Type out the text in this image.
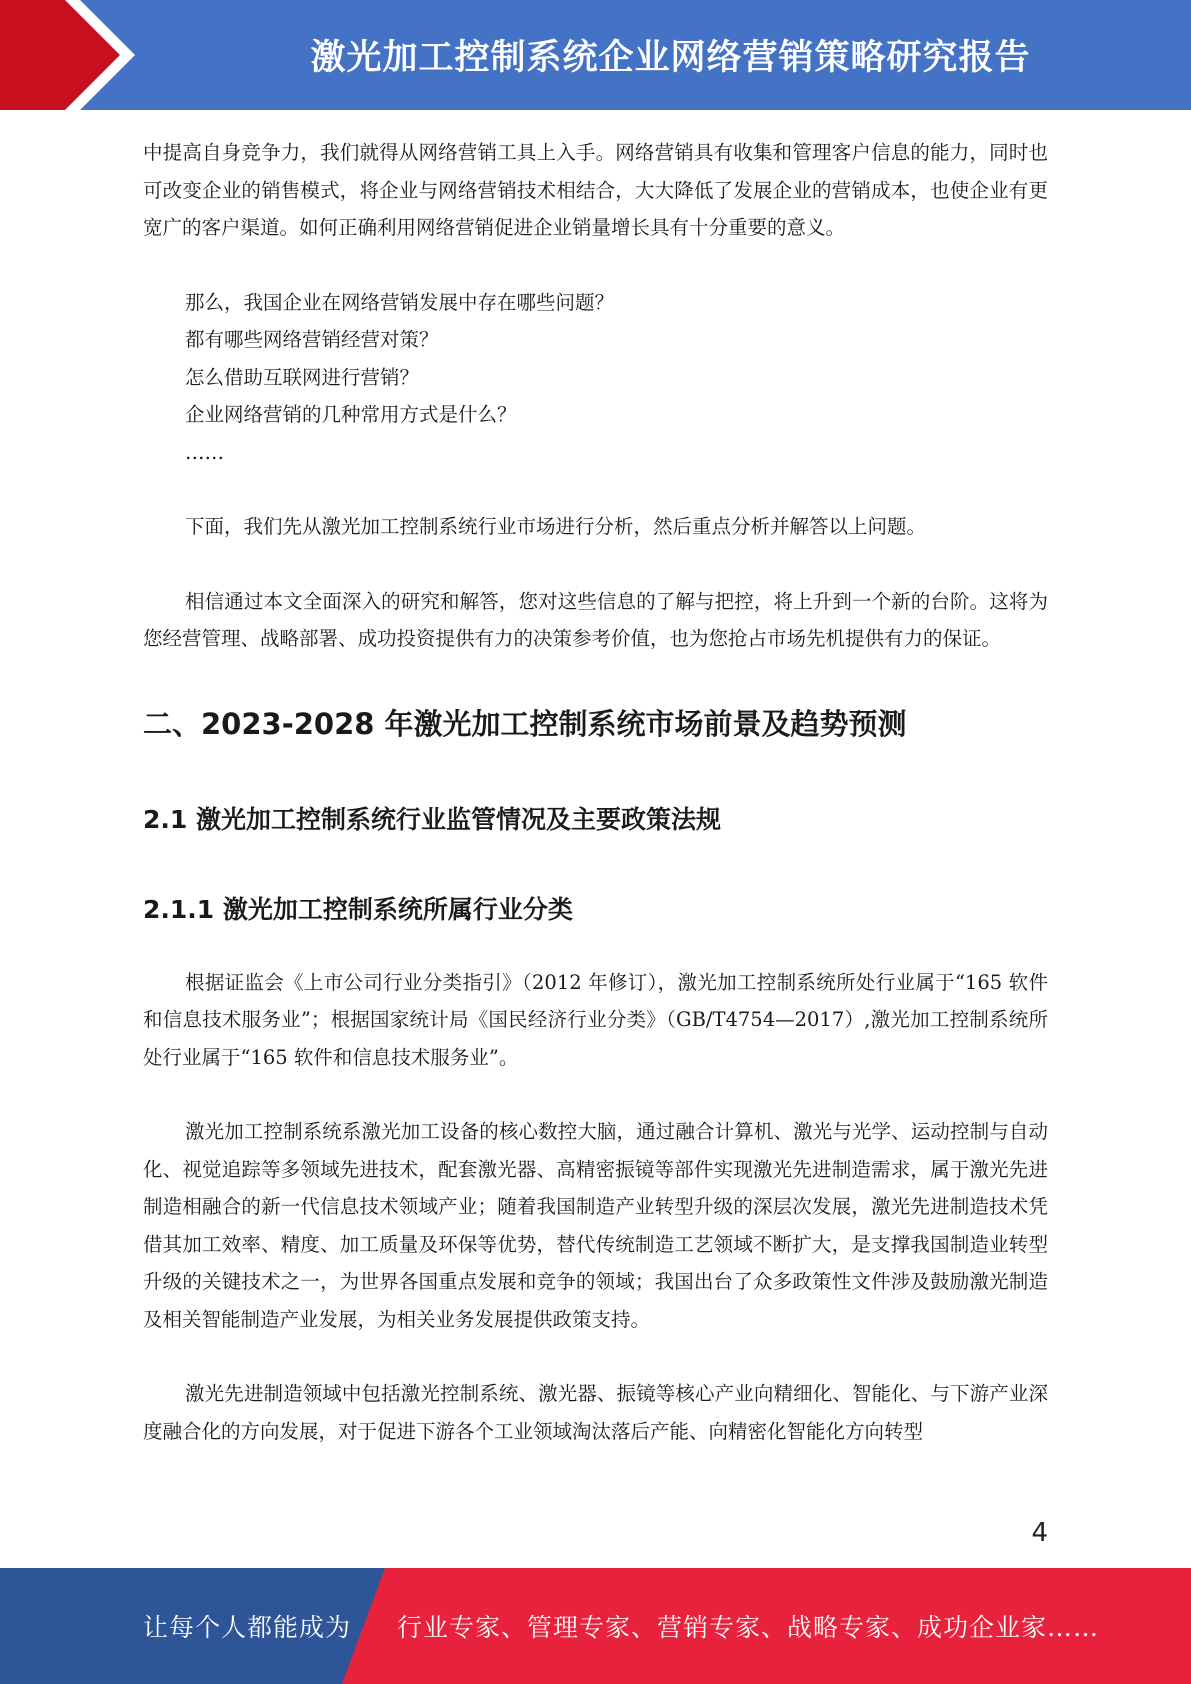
激光加工控制系统企业网络营销策略研究报告

中提高自身竞争力，我们就得从网络营销工具上入手。网络营销具有收集和管理客户信息的能力，同时也可改变企业的销售模式，将企业与网络营销技术相结合，大大降低了发展企业的营销成本，也使企业有更宽广的客户渠道。如何正确利用网络营销促进企业销量增长具有十分重要的意义。

那么，我国企业在网络营销发展中存在哪些问题？

都有哪些网络营销经营对策？

怎么借助互联网进行营销？

企业网络营销的几种常用方式是什么？

……

下面，我们先从激光加工控制系统行业市场进行分析，然后重点分析并解答以上问题。

相信通过本文全面深入的研究和解答，您对这些信息的了解与把控，将上升到一个新的台阶。这将为您经营管理、战略部署、成功投资提供有力的决策参考价值，也为您抢占市场先机提供有力的保证。

二、2023-2028 年激光加工控制系统市场前景及趋势预测
2.1 激光加工控制系统行业监管情况及主要政策法规
2.1.1 激光加工控制系统所属行业分类

根据证监会《上市公司行业分类指引》（2012 年修订），激光加工控制系统所处行业属于“165 软件和信息技术服务业”；根据国家统计局《国民经济行业分类》（GB/T4754—2017）,激光加工控制系统所处行业属于“165 软件和信息技术服务业”。

激光加工控制系统系激光加工设备的核心数控大脑，通过融合计算机、激光与光学、运动控制与自动化、视觉追踪等多领域先进技术，配套激光器、高精密振镜等部件实现激光先进制造需求，属于激光先进制造相融合的新一代信息技术领域产业；随着我国制造产业转型升级的深层次发展，激光先进制造技术凭借其加工效率、精度、加工质量及环保等优势，替代传统制造工艺领域不断扩大，是支撑我国制造业转型升级的关键技术之一，为世界各国重点发展和竞争的领域；我国出台了众多政策性文件涉及鼓励激光制造及相关智能制造产业发展，为相关业务发展提供政策支持。

激光先进制造领域中包括激光控制系统、激光器、振镜等核心产业向精细化、智能化、与下游产业深度融合化的方向发展，对于促进下游各个工业领域淘汰落后产能、向精密化智能化方向转型

4
让每个人都能成为 行业专家、管理专家、营销专家、战略专家、成功企业家……
